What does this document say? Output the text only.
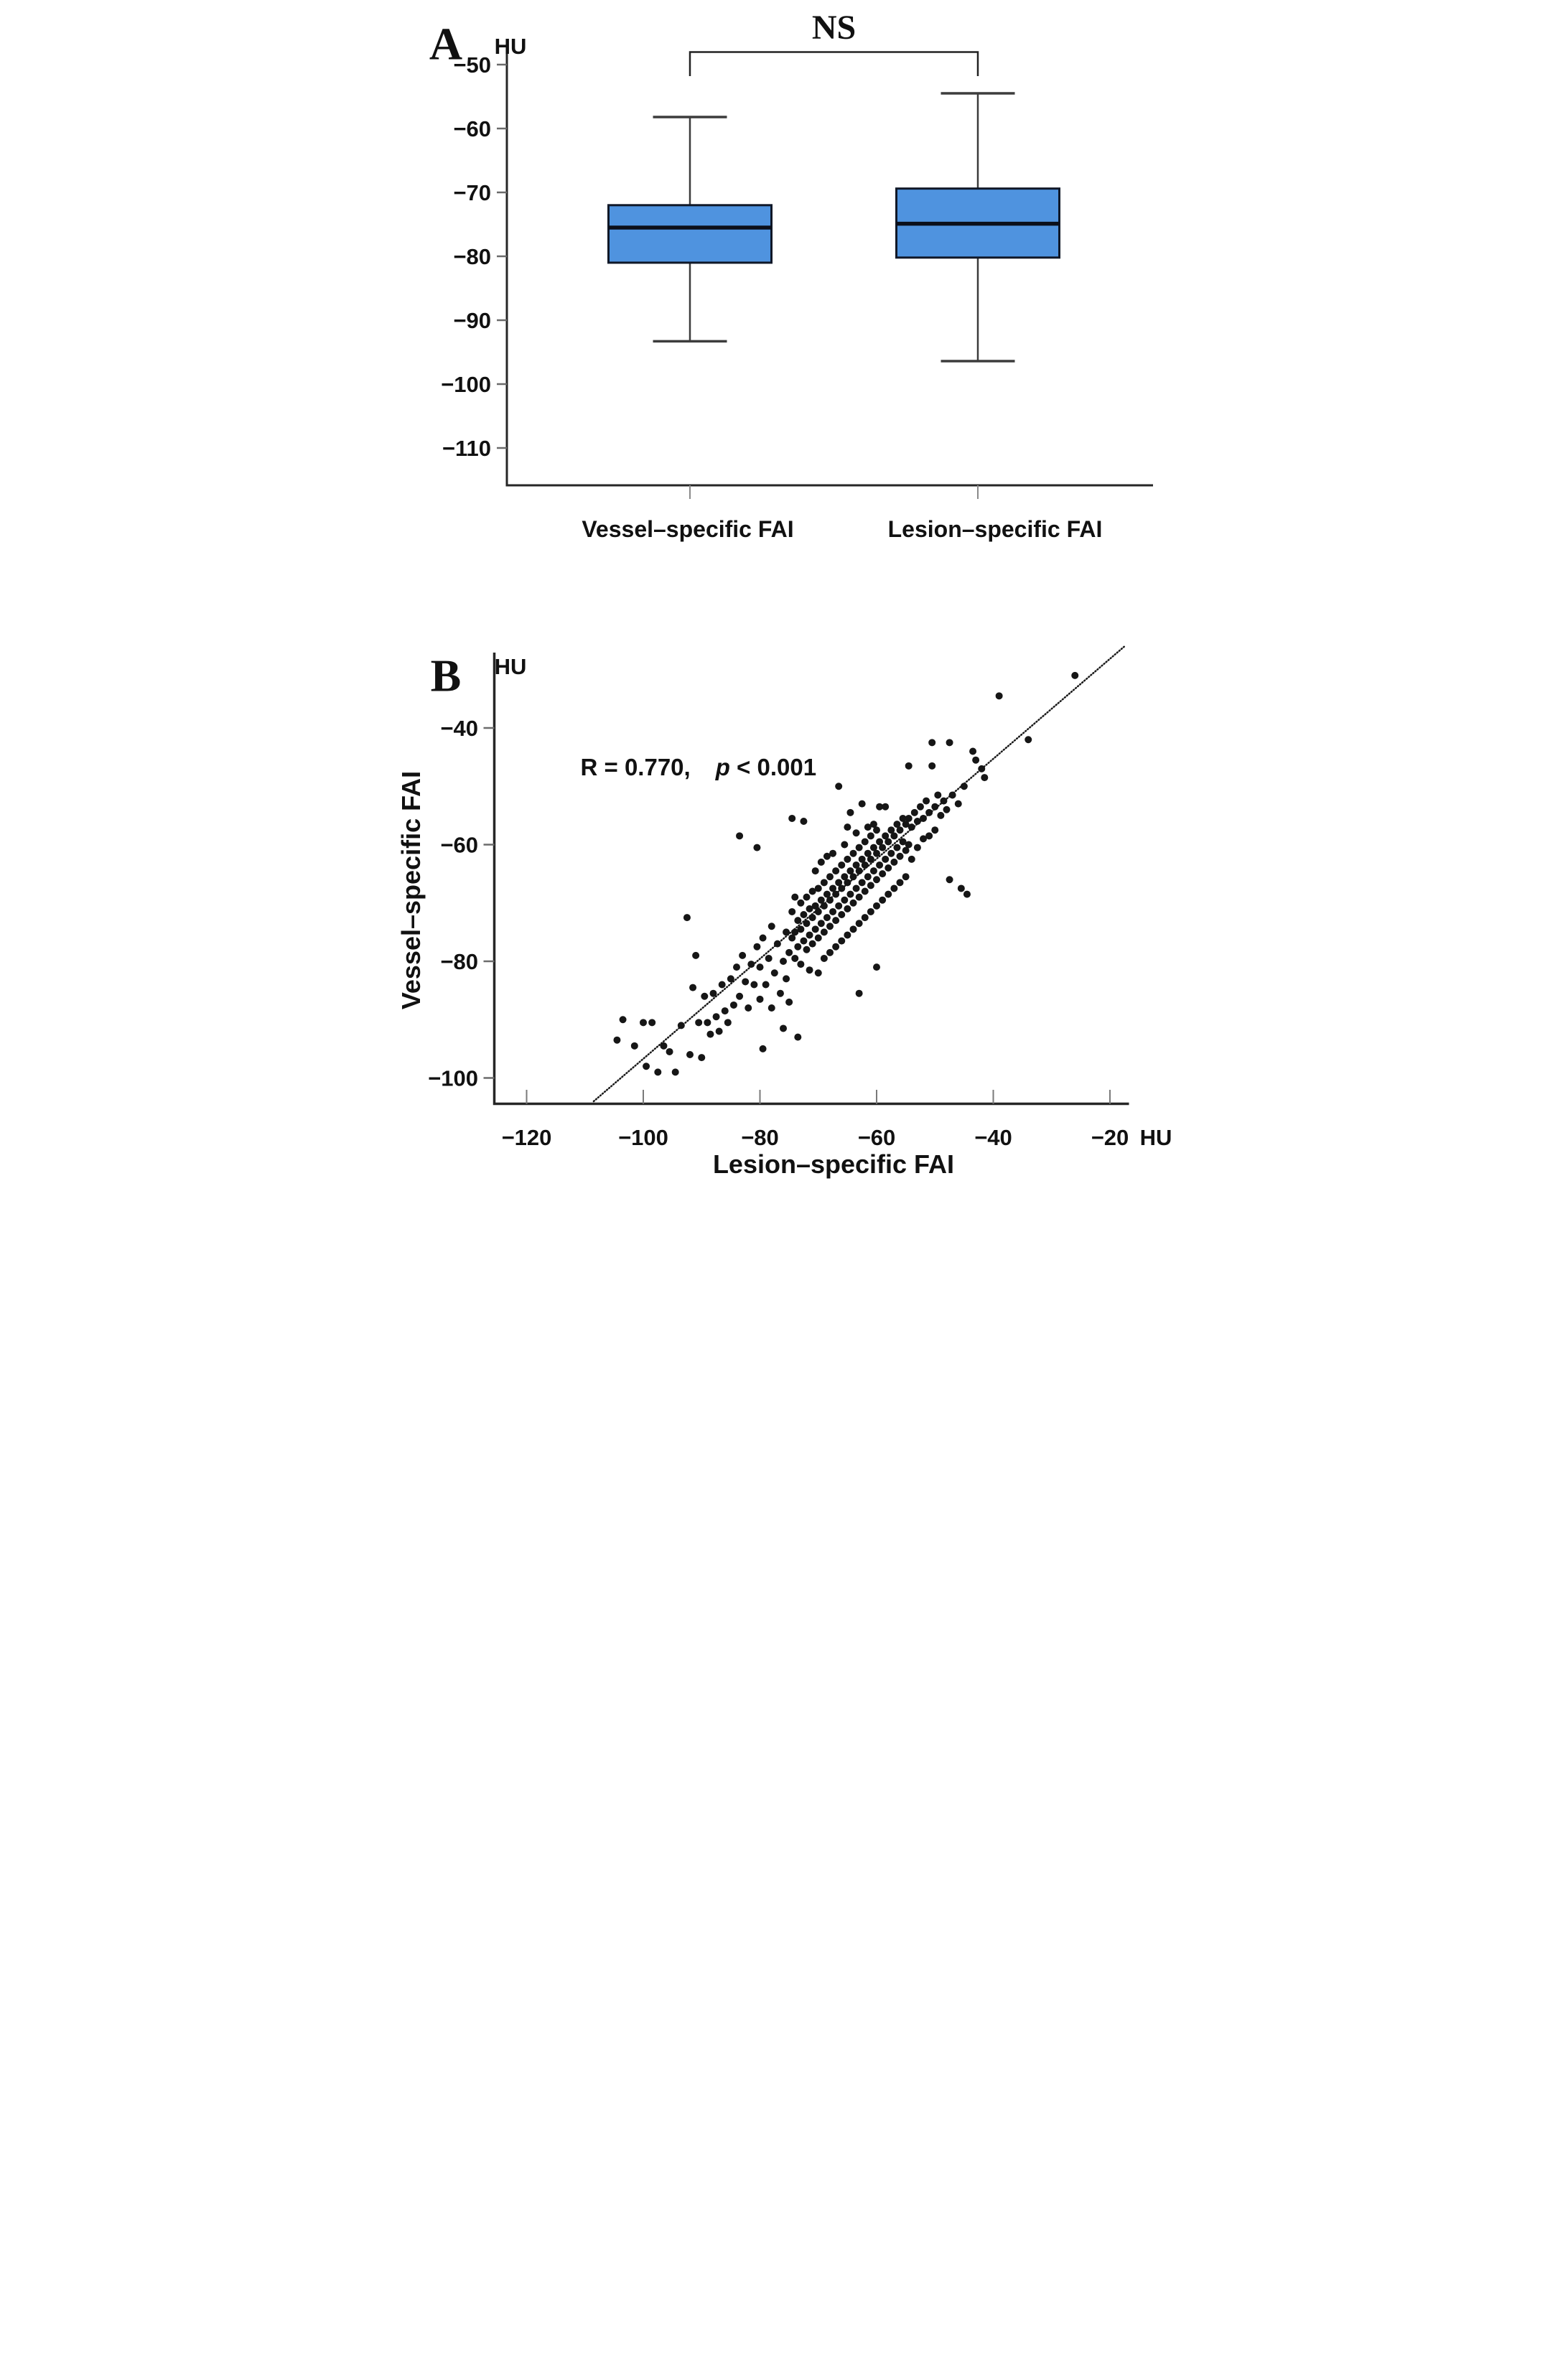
A HU	NS
−50
−60
−70
−80
−90
−100
−110
Vessel–specific FAI Lesion–specific FAI
B HU
R = 0.770, p < 0.001
−40
−60
−80
−100
−120 −100 −80 −60 −40 −20
Vessel–specific FAI
Lesion–specific FAI
HU
